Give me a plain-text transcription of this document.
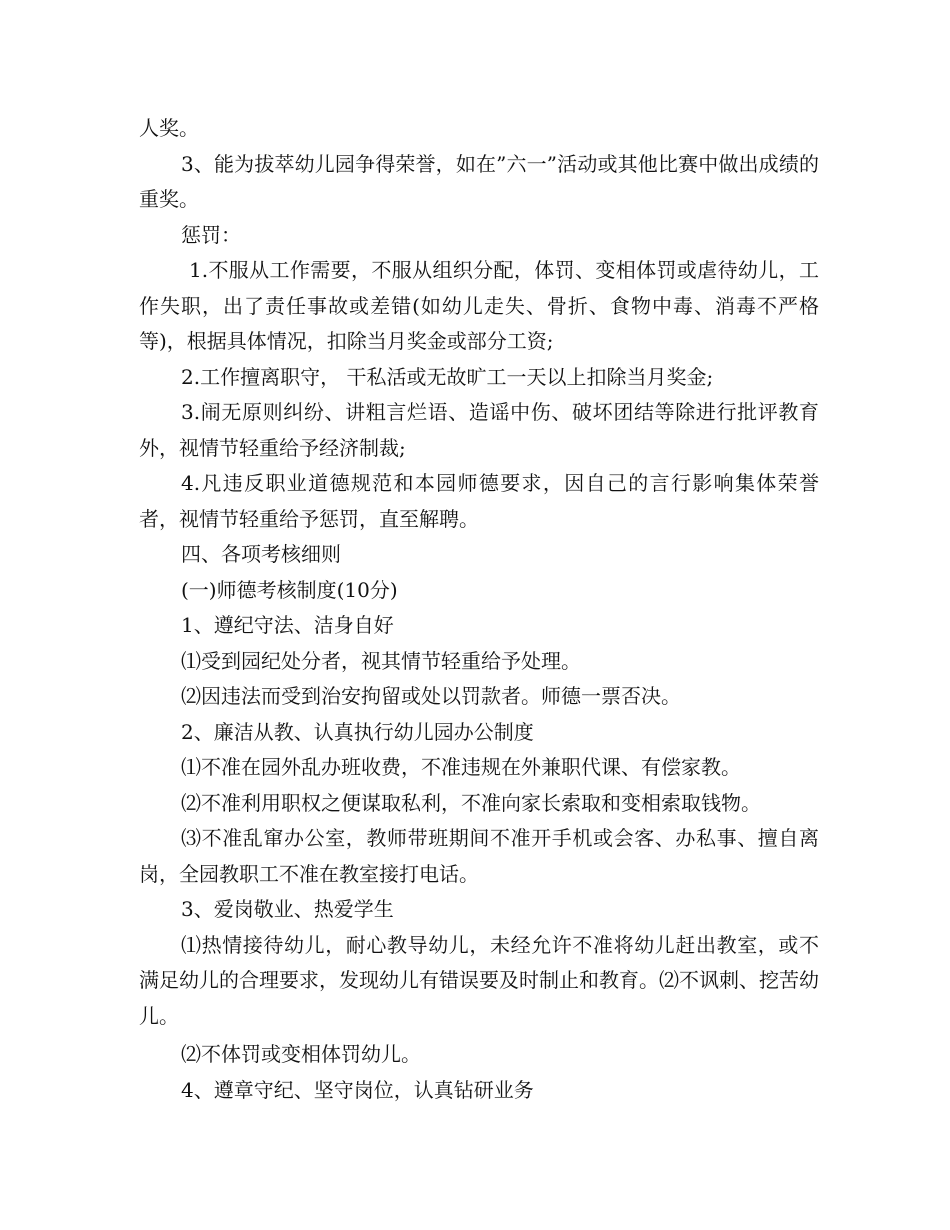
人奖。

3、能为拔萃幼儿园争得荣誉，如在”六一”活动或其他比赛中做出成绩的重奖。

惩罚：

1.不服从工作需要，不服从组织分配，体罚、变相体罚或虐待幼儿，工作失职，出了责任事故或差错(如幼儿走失、骨折、食物中毒、消毒不严格等)，根据具体情况，扣除当月奖金或部分工资;

2.工作擅离职守， 干私活或无故旷工一天以上扣除当月奖金;

3.闹无原则纠纷、讲粗言烂语、造谣中伤、破坏团结等除进行批评教育外，视情节轻重给予经济制裁;

4.凡违反职业道德规范和本园师德要求，因自己的言行影响集体荣誉者，视情节轻重给予惩罚，直至解聘。

四、各项考核细则

(一)师德考核制度(10分)

1、遵纪守法、洁身自好

⑴受到园纪处分者，视其情节轻重给予处理。

⑵因违法而受到治安拘留或处以罚款者。师德一票否决。

2、廉洁从教、认真执行幼儿园办公制度

⑴不准在园外乱办班收费，不准违规在外兼职代课、有偿家教。

⑵不准利用职权之便谋取私利，不准向家长索取和变相索取钱物。

⑶不准乱窜办公室，教师带班期间不准开手机或会客、办私事、擅自离岗，全园教职工不准在教室接打电话。

3、爱岗敬业、热爱学生

⑴热情接待幼儿，耐心教导幼儿，未经允许不准将幼儿赶出教室，或不满足幼儿的合理要求，发现幼儿有错误要及时制止和教育。⑵不讽刺、挖苦幼儿。

⑵不体罚或变相体罚幼儿。

4、遵章守纪、坚守岗位，认真钻研业务
